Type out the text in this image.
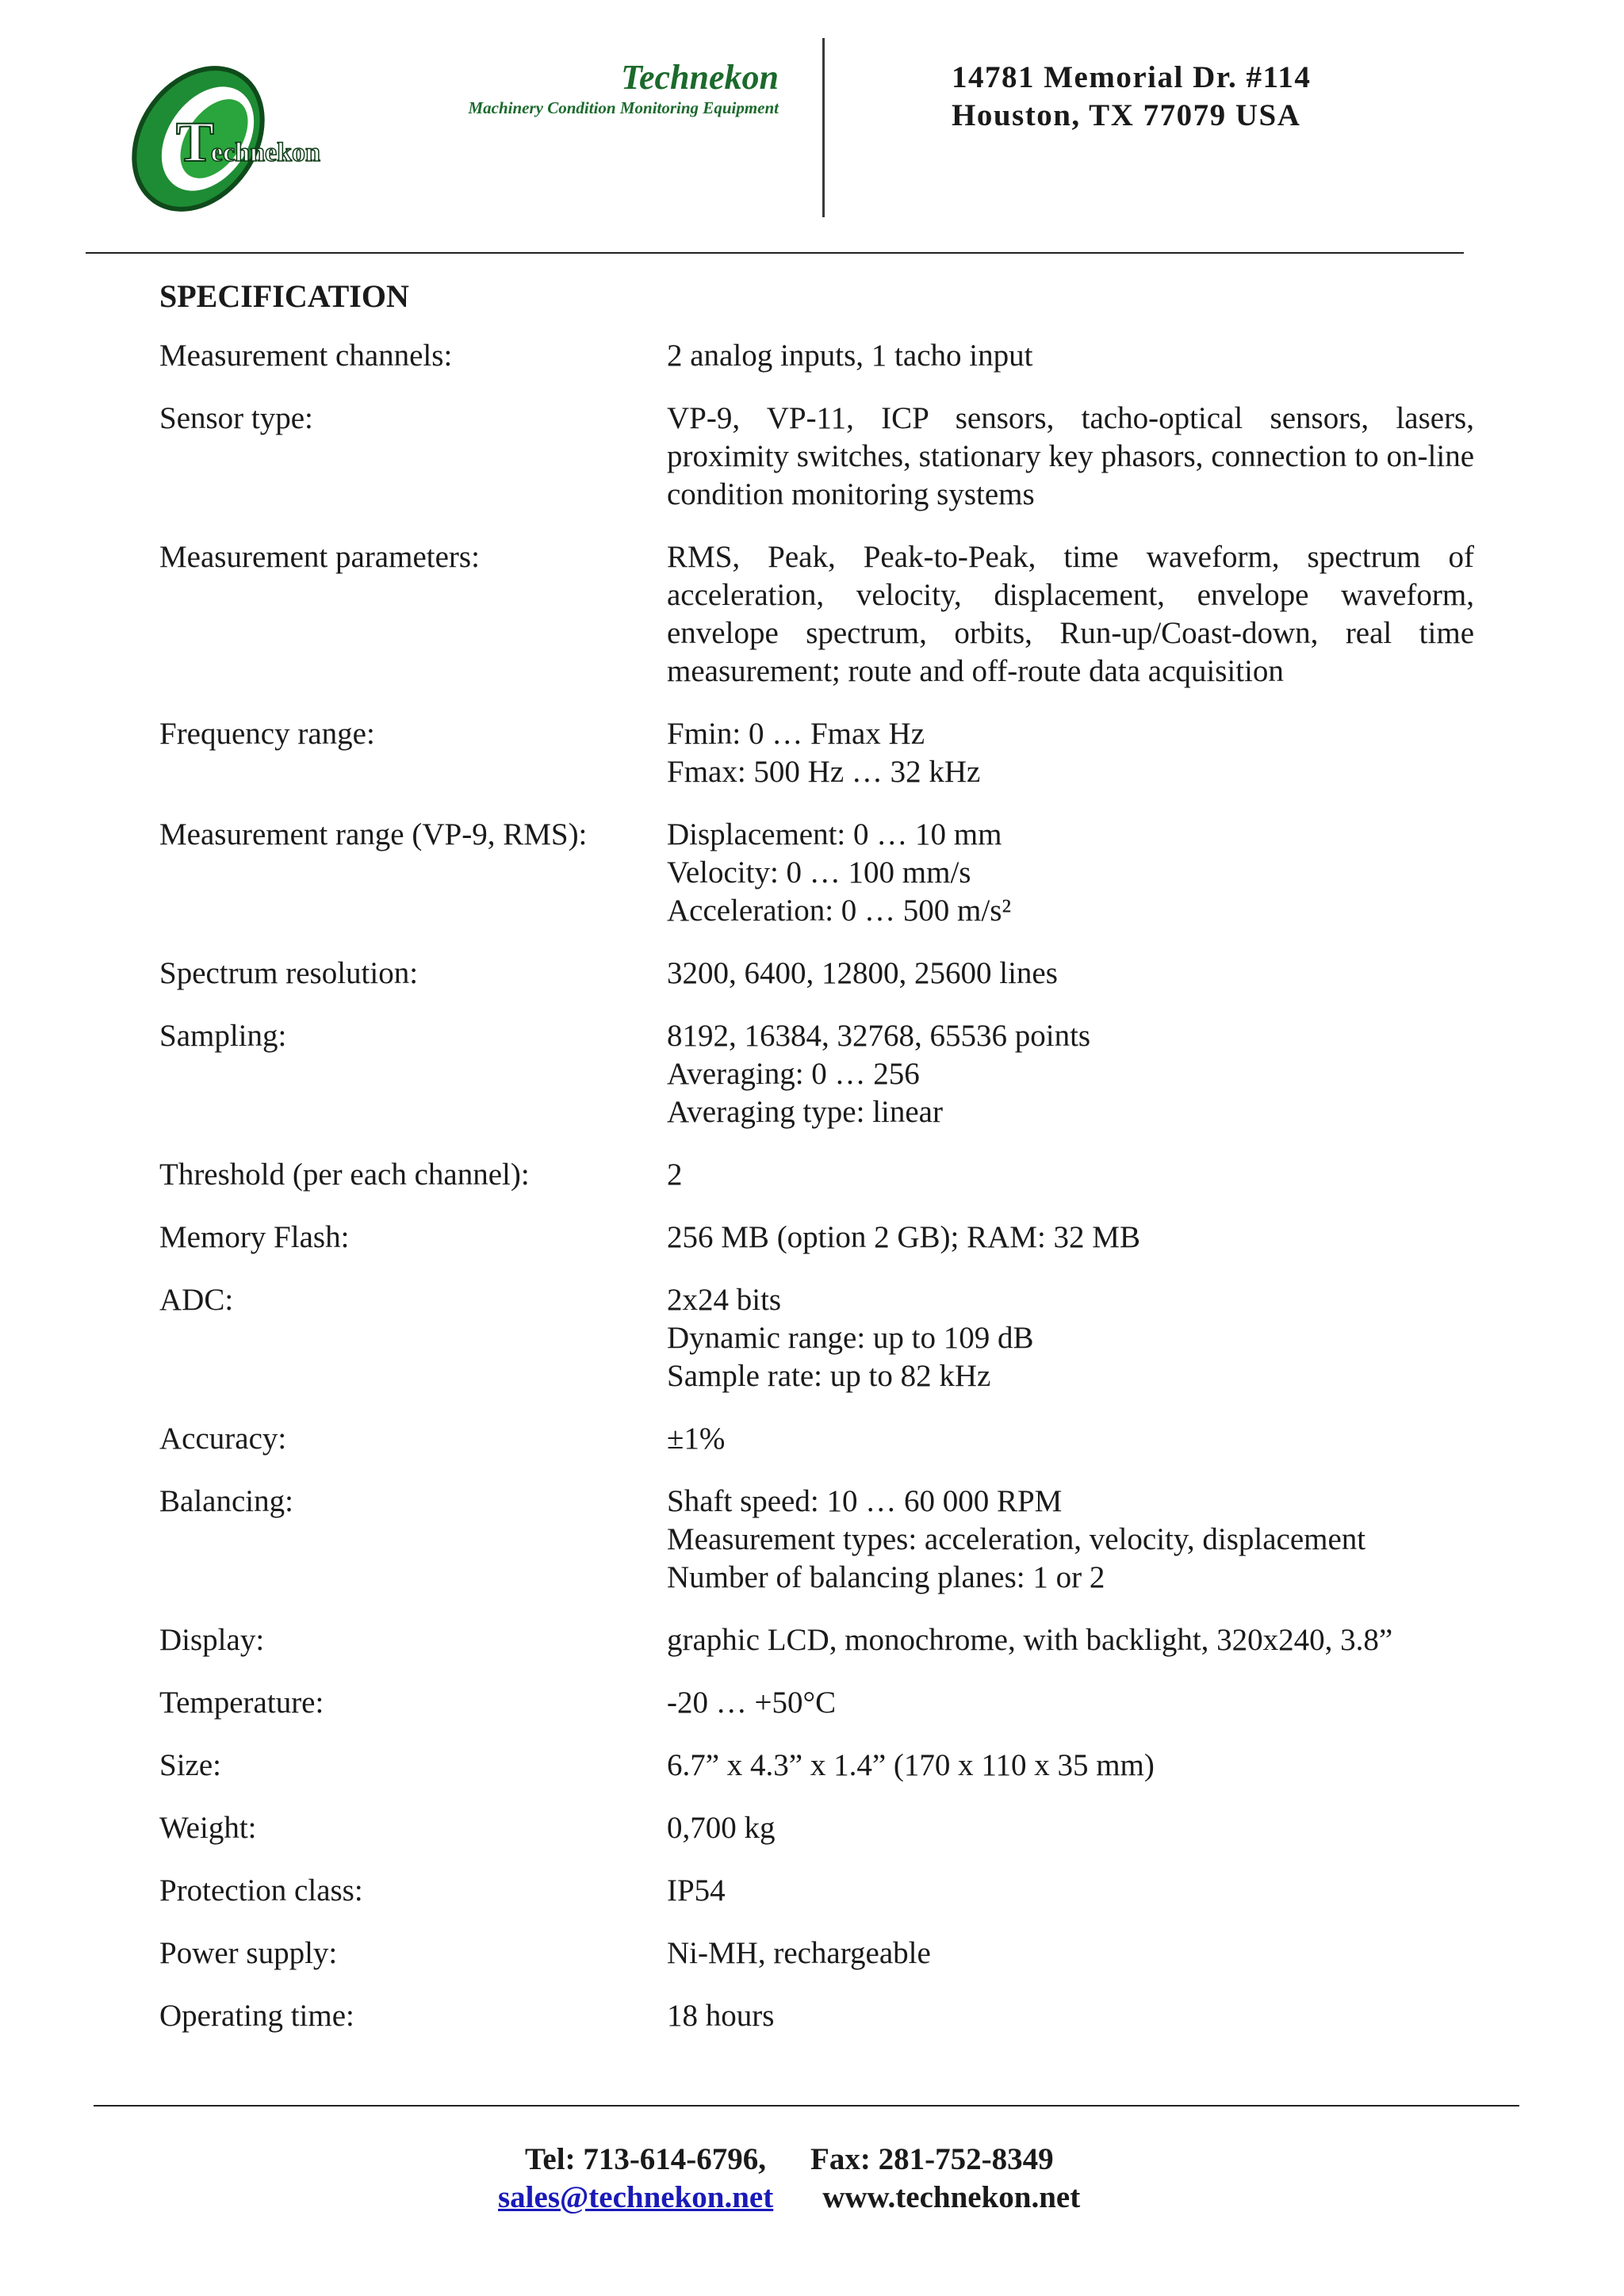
T
echnekon
Technekon
Machinery Condition Monitoring Equipment
14781 Memorial Dr. #114
Houston, TX 77079 USA
SPECIFICATION
Measurement channels:	2 analog inputs, 1 tacho input
Sensor type:	VP-9, VP-11, ICP sensors, tacho-optical sensors, lasers, proximity switches, stationary key phasors, connection to on-line condition monitoring systems
Measurement parameters:	RMS, Peak, Peak-to-Peak, time waveform, spectrum of acceleration, velocity, displacement, envelope waveform, envelope spectrum, orbits, Run-up/Coast-down, real time measurement; route and off-route data acquisition
Frequency range:	Fmin: 0 … Fmax Hz
Fmax: 500 Hz … 32 kHz
Measurement range (VP-9, RMS):	Displacement: 0 … 10 mm
Velocity: 0 … 100 mm/s
Acceleration: 0 … 500 m/s²
Spectrum resolution:	3200, 6400, 12800, 25600 lines
Sampling:	8192, 16384, 32768, 65536 points
Averaging: 0 … 256
Averaging type: linear
Threshold (per each channel):	2
Memory Flash:	256 MB (option 2 GB); RAM: 32 MB
ADC:	2x24 bits
Dynamic range: up to 109 dB
Sample rate: up to 82 kHz
Accuracy:	±1%
Balancing:	Shaft speed: 10 … 60 000 RPM
Measurement types: acceleration, velocity, displacement
Number of balancing planes: 1 or 2
Display:	graphic LCD, monochrome, with backlight, 320x240, 3.8”
Temperature:	-20 … +50°C
Size:	6.7” x 4.3” x 1.4” (170 x 110 x 35 mm)
Weight:	0,700 kg
Protection class:	IP54
Power supply:	Ni-MH, rechargeable
Operating time:	18 hours
Tel: 713-614-6796, Fax: 281-752-8349
sales@technekon.net www.technekon.net
